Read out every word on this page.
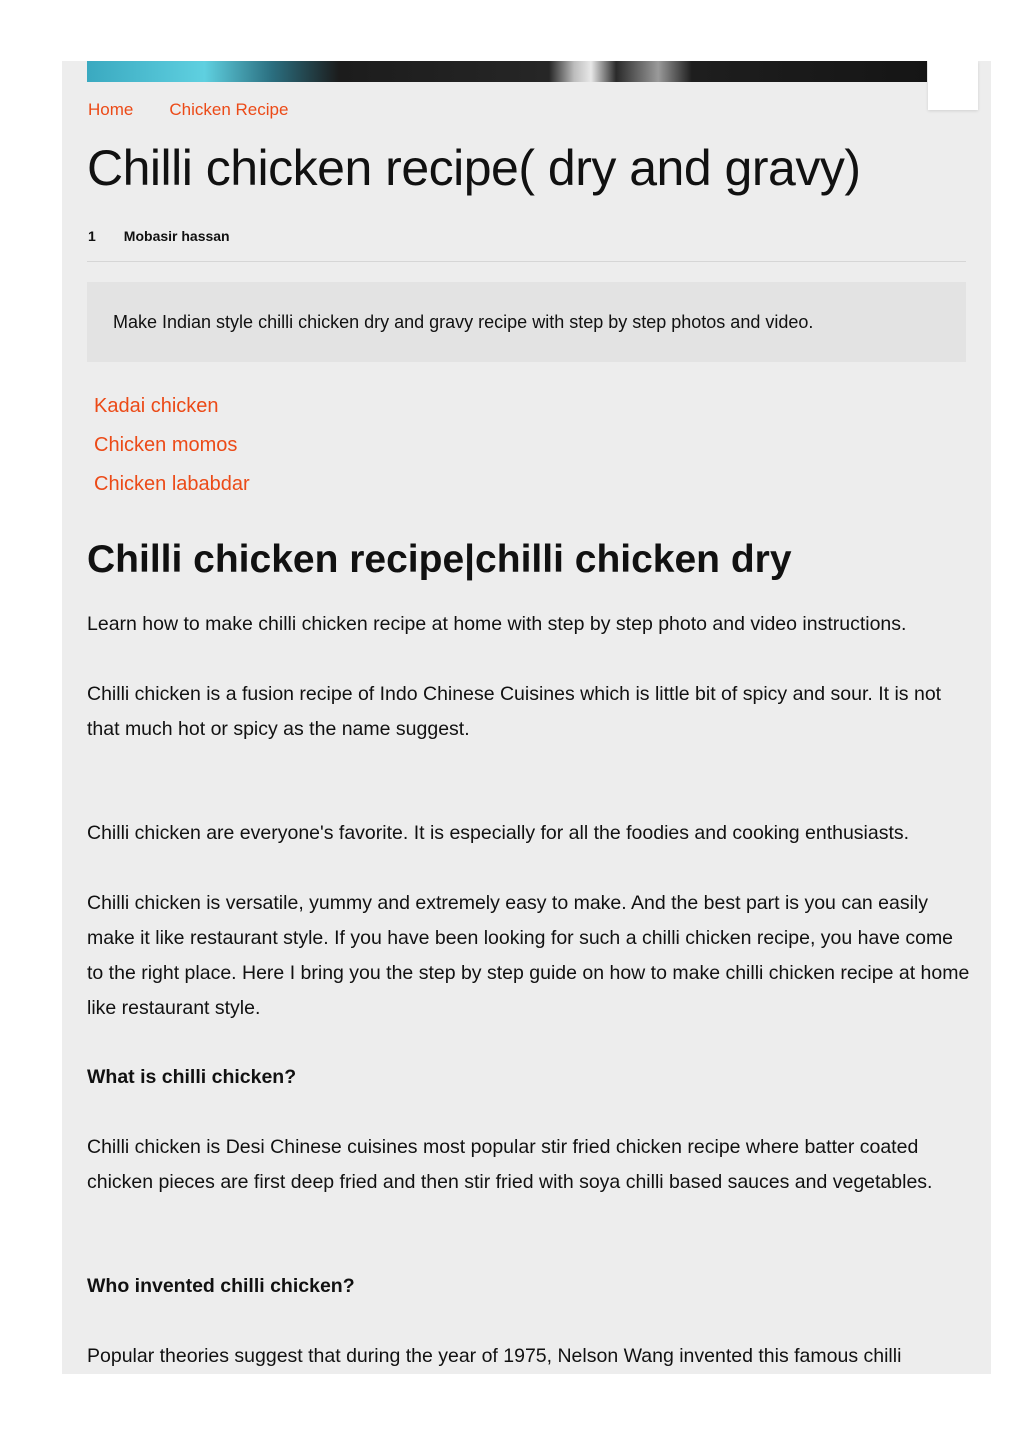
Home Chicken Recipe
Chilli chicken recipe( dry and gravy)
1 Mobasir hassan
Make Indian style chilli chicken dry and gravy recipe with step by step photos and video.
Kadai chicken
Chicken momos
Chicken lababdar
Chilli chicken recipe|chilli chicken dry

Learn how to make chilli chicken recipe at home with step by step photo and video instructions.

Chilli chicken is a fusion recipe of Indo Chinese Cuisines which is little bit of spicy and sour. It is not that much hot or spicy as the name suggest.

Chilli chicken are everyone's favorite. It is especially for all the foodies and cooking enthusiasts.

Chilli chicken is versatile, yummy and extremely easy to make. And the best part is you can easily make it like restaurant style. If you have been looking for such a chilli chicken recipe, you have come to the right place. Here I bring you the step by step guide on how to make chilli chicken recipe at home like restaurant style.

What is chilli chicken?

Chilli chicken is Desi Chinese cuisines most popular stir fried chicken recipe where batter coated chicken pieces are first deep fried and then stir fried with soya chilli based sauces and vegetables.

Who invented chilli chicken?

Popular theories suggest that during the year of 1975, Nelson Wang invented this famous chilli
